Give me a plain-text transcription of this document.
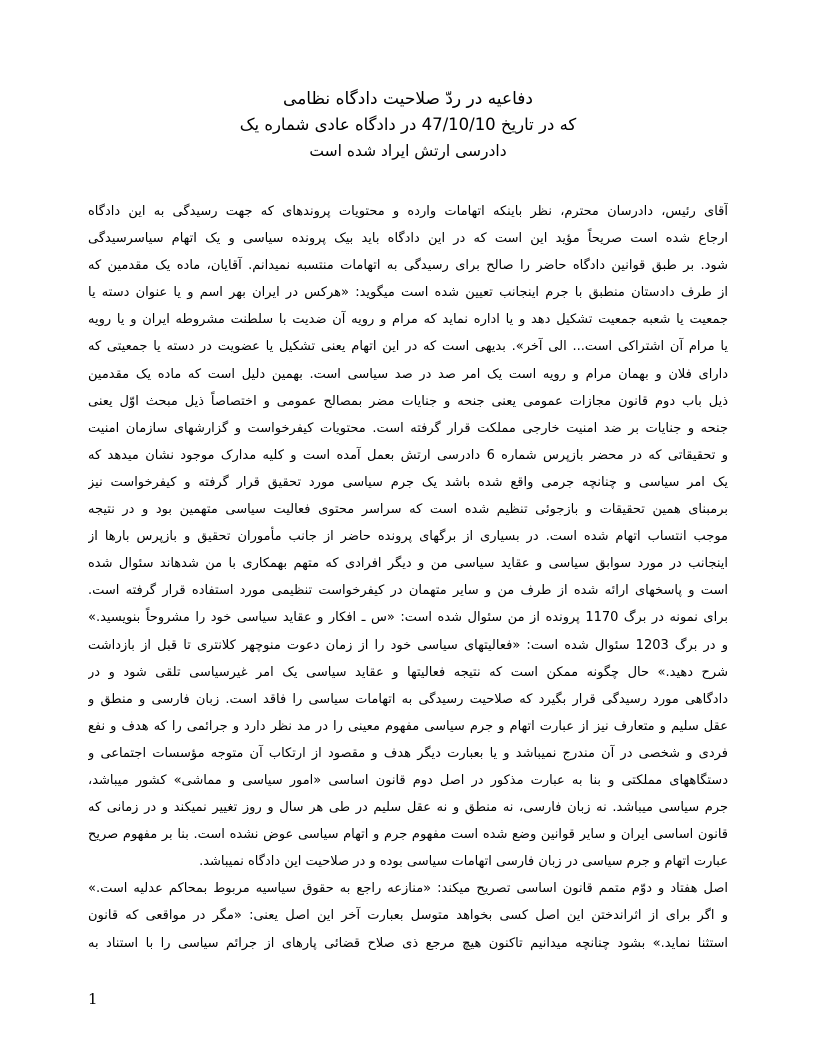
دفاعیه در ردّ صلاحیت دادگاه نظامی
که در تاریخ 47/10/10 در دادگاه عادی شماره یک
دادرسی ارتش ایراد شده است
آقای رئیس، دادرسان محترم، نظر باینکه اتهامات وارده و محتویات پروندهای که جهت رسیدگی به این دادگاه
ارجاع شده است صریحاً مؤید این است که در این دادگاه باید بیک پرونده سیاسی و یک اتهام سیاسرسیدگی
شود. بر طبق قوانین دادگاه حاضر را صالح برای رسیدگی به اتهامات منتسبه نمیدانم. آقایان، ماده یک مقدمین که
از طرف دادستان منطبق با جرم اینجانب تعیین شده است میگوید: «هرکس در ایران بهر اسم و یا عنوان دسته یا
جمعیت یا شعبه جمعیت تشکیل دهد و یا اداره نماید که مرام و رویه آن ضدیت با سلطنت مشروطه ایران و یا رویه
یا مرام آن اشتراکی است... الی آخر». بدیهی است که در این اتهام یعنی تشکیل یا عضویت در دسته یا جمعیتی که
دارای فلان و بهمان مرام و رویه است یک امر صد در صد سیاسی است. بهمین دلیل است که ماده یک مقدمین
ذیل باب دوم قانون مجازات عمومی یعنی جنحه و جنایات مضر بمصالح عمومی و اختصاصاً ذیل مبحث اوّل یعنی
جنحه و جنایات بر ضد امنیت خارجی مملکت قرار گرفته است. محتویات کیفرخواست و گزارشهای سازمان امنیت
و تحقیقاتی که در محضر بازپرس شماره 6 دادرسی ارتش بعمل آمده است و کلیه مدارک موجود نشان میدهد که
یک امر سیاسی و چنانچه جرمی واقع شده باشد یک جرم سیاسی مورد تحقیق قرار گرفته و کیفرخواست نیز
برمبنای همین تحقیقات و بازجوئی تنظیم شده است که سراسر محتوی فعالیت سیاسی متهمین بود و در نتیجه
موجب انتساب اتهام شده است. در بسیاری از برگهای پرونده حاضر از جانب مأموران تحقیق و بازپرس بارها از
اینجانب در مورد سوابق سیاسی و عقاید سیاسی من و دیگر افرادی که متهم بهمکاری با من شدهاند سئوال شده
است و پاسخهای ارائه شده از طرف من و سایر متهمان در کیفرخواست تنظیمی مورد استفاده قرار گرفته است.
برای نمونه در برگ 1170 پرونده از من سئوال شده است: «س ـ افکار و عقاید سیاسی خود را مشروحاً بنویسید.»
و در برگ 1203 سئوال شده است: «فعالیتهای سیاسی خود را از زمان دعوت منوچهر کلانتری تا قبل از بازداشت
شرح دهید.» حال چگونه ممکن است که نتیجه فعالیتها و عقاید سیاسی یک امر غیرسیاسی تلقی شود و در
دادگاهی مورد رسیدگی قرار بگیرد که صلاحیت رسیدگی به اتهامات سیاسی را فاقد است. زبان فارسی و منطق و
عقل سلیم و متعارف نیز از عبارت اتهام و جرم سیاسی مفهوم معینی را در مد نظر دارد و جرائمی را که هدف و نفع
فردی و شخصی در آن مندرج نمیباشد و یا بعبارت دیگر هدف و مقصود از ارتکاب آن متوجه مؤسسات اجتماعی و
دستگاههای مملکتی و بنا به عبارت مذکور در اصل دوم قانون اساسی «امور سیاسی و مماشی» کشور میباشد،
جرم سیاسی میباشد. نه زبان فارسی، نه منطق و نه عقل سلیم در طی هر سال و روز تغییر نمیکند و در زمانی که
قانون اساسی ایران و سایر قوانین وضع شده است مفهوم جرم و اتهام سیاسی عوض نشده است. بنا بر مفهوم صریح
عبارت اتهام و جرم سیاسی در زبان فارسی اتهامات سیاسی بوده و در صلاحیت این دادگاه نمیباشد.
اصل هفتاد و دوّم متمم قانون اساسی تصریح میکند: «منازعه راجع به حقوق سیاسیه مربوط بمحاکم عدلیه است.»
و اگر برای از اثراندختن این اصل کسی بخواهد متوسل بعبارت آخر این اصل یعنی: «مگر در مواقعی که قانون
استثنا نماید.» بشود چنانچه میدانیم تاکنون هیچ مرجع ذی صلاح قضائی پارهای از جرائم سیاسی را با استناد به
1
